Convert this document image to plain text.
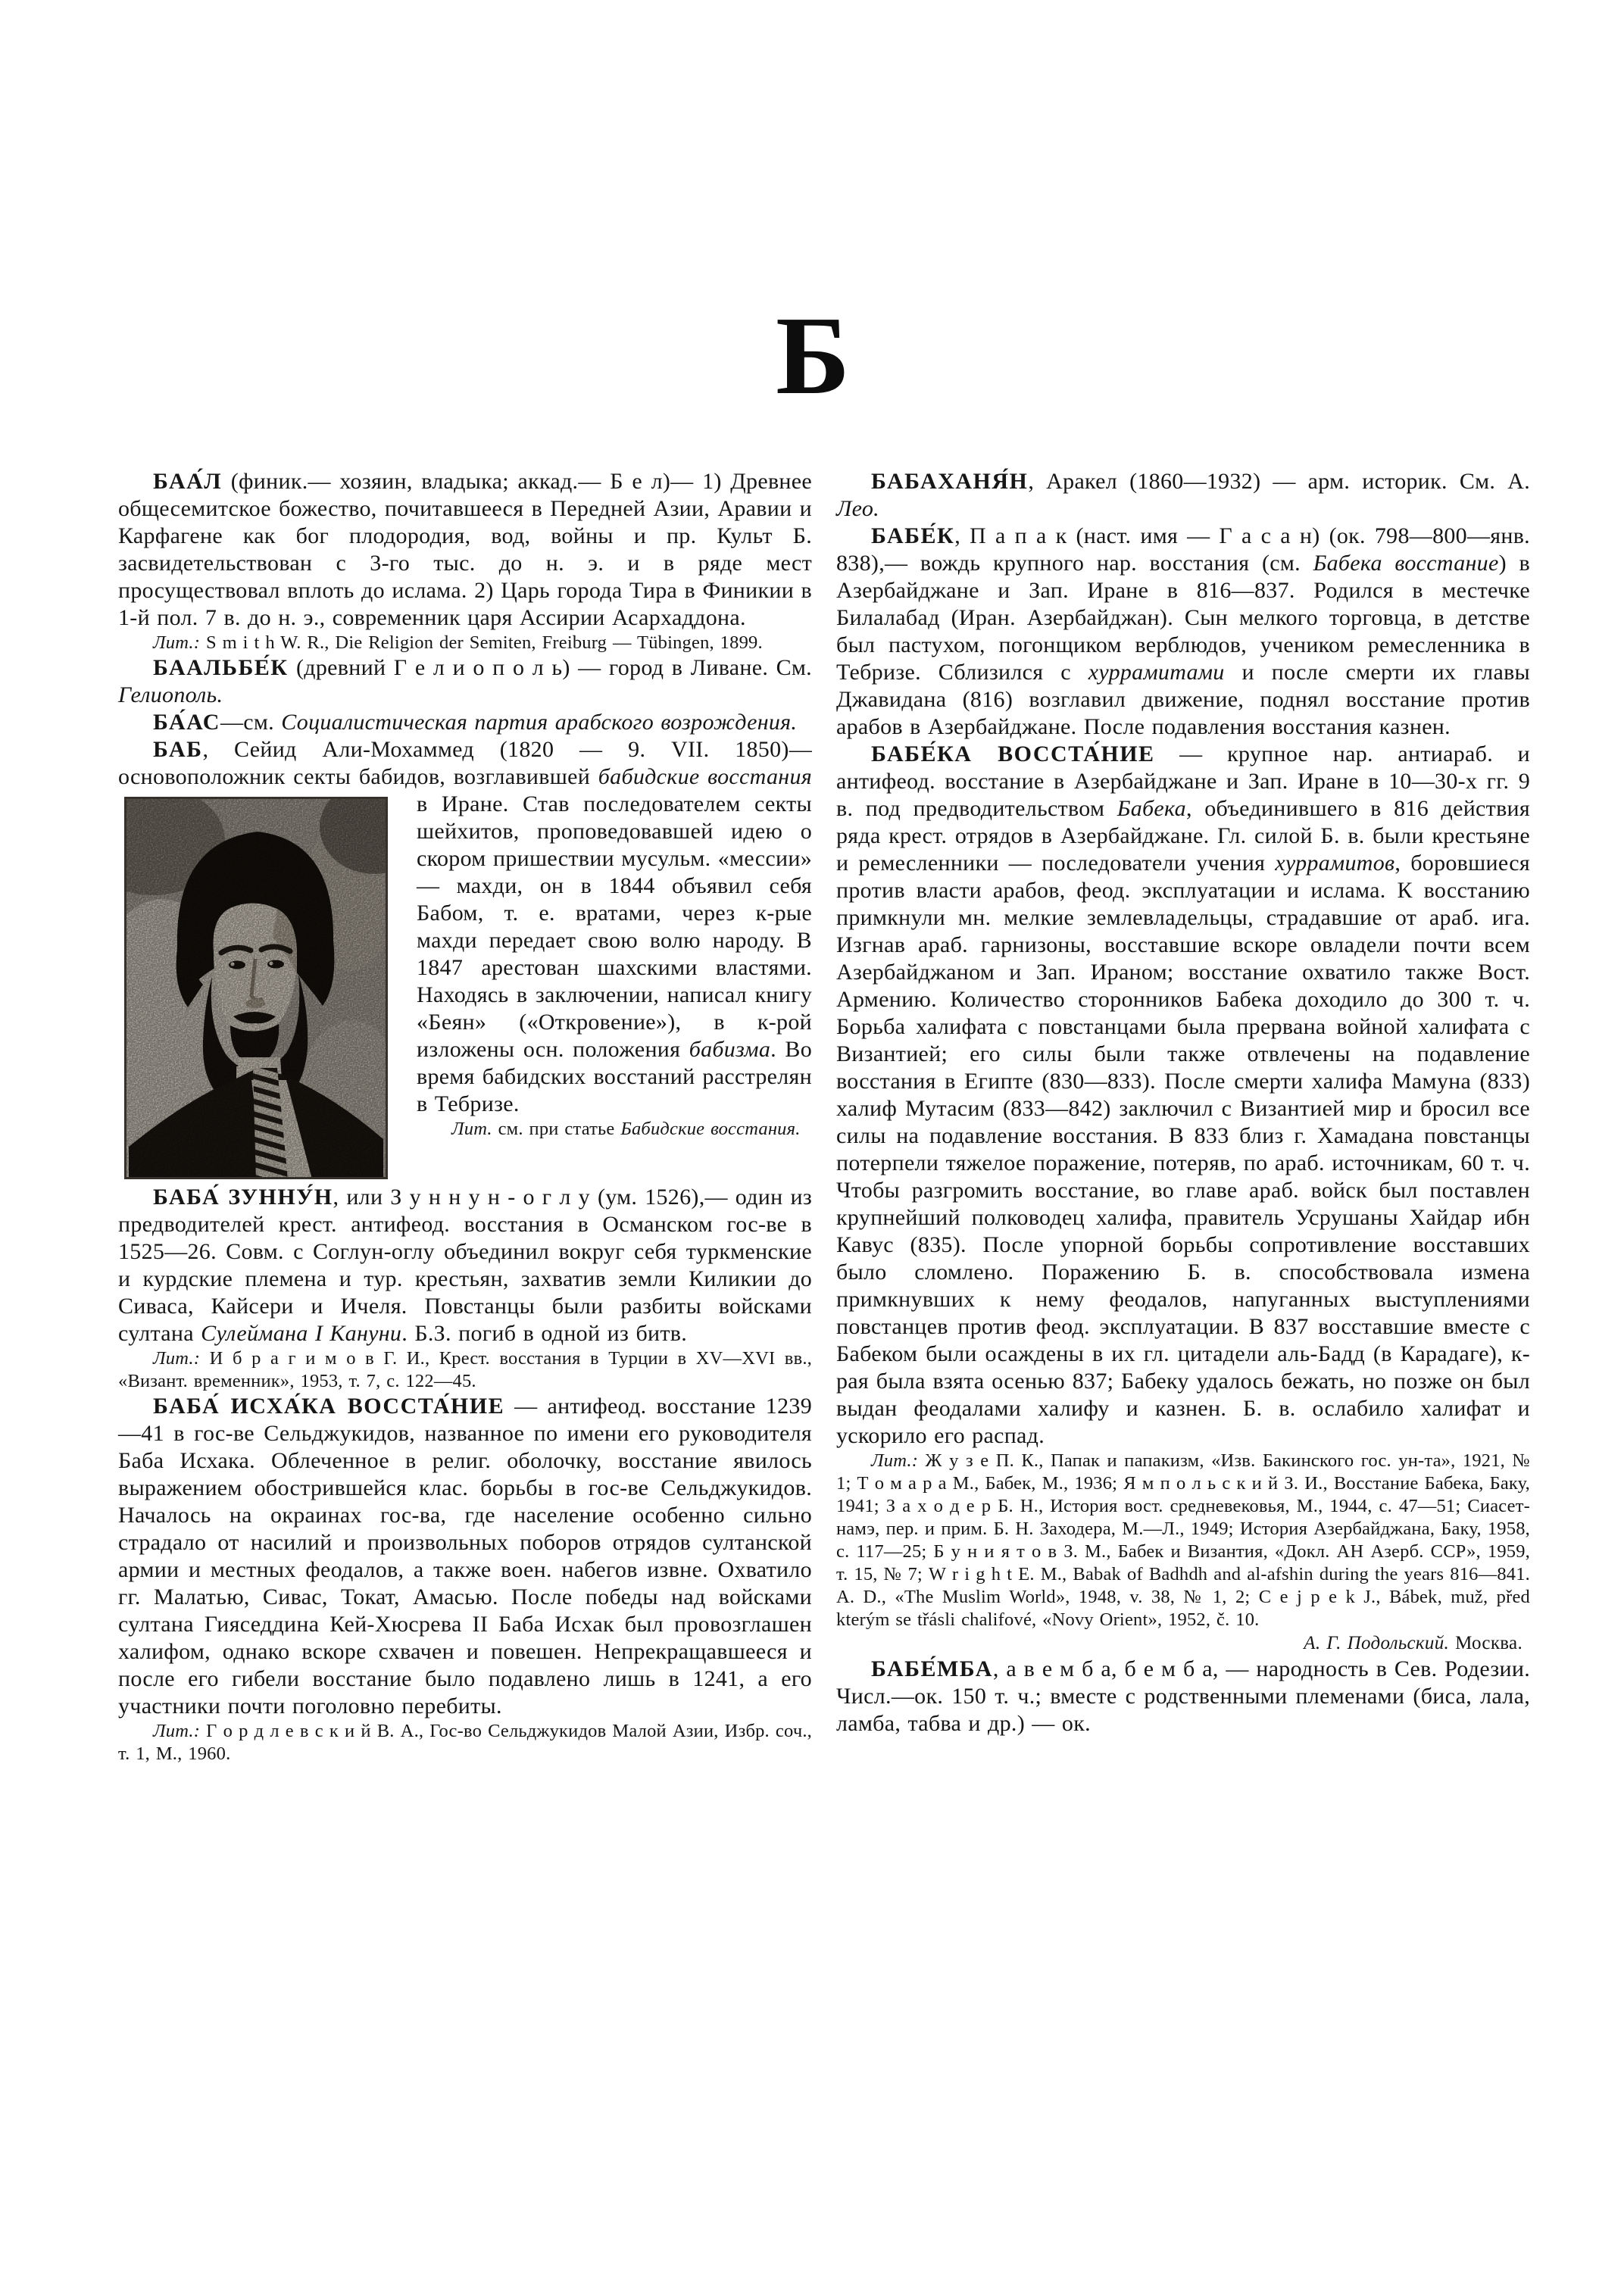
Б

БАА́Л (финик.— хозяин, владыка; аккад.— Б е л)— 1) Древнее общесемитское божество, почитавшееся в Передней Азии, Аравии и Карфагене как бог плодородия, вод, войны и пр. Культ Б. засвидетельствован с 3-го тыс. до н. э. и в ряде мест просуществовал вплоть до ислама. 2) Царь города Тира в Финикии в 1-й пол. 7 в. до н. э., современник царя Ассирии Асархаддона.

Лит.: S m i t h W. R., Die Religion der Semiten, Freiburg — Tübingen, 1899.

БААЛЬБЕ́К (древний Г е л и о п о л ь) — город в Ливане. См. Гелиополь.

БА́АС—см. Социалистическая партия арабского возрождения.

БАБ, Сейид Али-Мохаммед (1820 — 9. VII. 1850)— основоположник секты бабидов, возглавившей бабидские восстания в Иране.
Став последователем секты шейхитов, проповедовавшей идею о скором пришествии мусульм. «мессии» — махди, он в 1844 объявил себя Бабом, т. е. вратами, через к-рые махди передает свою волю народу. В 1847 арестован шахскими властями. Находясь в заключении, написал книгу «Беян» («Откровение»), в к-рой изложены осн. положения бабизма. Во время бабидских восстаний расстрелян в Тебризе.

Лит. см. при статье Бабидские восстания.

БАБА́ ЗУННУ́Н, или З у н н у н - о г л у (ум. 1526),— один из предводителей крест. антифеод. восстания в Османском гос-ве в 1525—26. Совм. с Соглун-оглу объединил вокруг себя туркменские и курдские племена и тур. крестьян, захватив земли Киликии до Сиваса, Кайсери и Ичеля. Повстанцы были разбиты войсками султана Сулеймана I Кануни. Б.З. погиб в одной из битв.

Лит.: И б р а г и м о в Г. И., Крест. восстания в Турции в XV—XVI вв., «Визант. временник», 1953, т. 7, с. 122—45.

БАБА́ ИСХА́КА ВОССТА́НИЕ — антифеод. восстание 1239—41 в гос-ве Сельджукидов, названное по имени его руководителя Баба Исхака. Облеченное в религ. оболочку, восстание явилось выражением обострившейся клас. борьбы в гос-ве Сельджукидов. Началось на окраинах гос-ва, где население особенно сильно страдало от насилий и произвольных поборов отрядов султанской армии и местных феодалов, а также воен. набегов извне. Охватило гг. Малатью, Сивас, Токат, Амасью. После победы над войсками султана Гияседдина Кей-Хюсрева II Баба Исхак был провозглашен халифом, однако вскоре схвачен и повешен. Непрекращавшееся и после его гибели восстание было подавлено лишь в 1241, а его участники почти поголовно перебиты.

Лит.: Г о р д л е в с к и й В. А., Гос-во Сельджукидов Малой Азии, Избр. соч., т. 1, М., 1960.

БАБАХАНЯ́Н, Аракел (1860—1932) — арм. историк. См. А. Лео.

БАБЕ́К, П а п а к (наст. имя — Г а с а н) (ок. 798—800—янв. 838),— вождь крупного нар. восстания (см. Бабека восстание) в Азербайджане и Зап. Иране в 816—837. Родился в местечке Билалабад (Иран. Азербайджан). Сын мелкого торговца, в детстве был пастухом, погонщиком верблюдов, учеником ремесленника в Тебризе. Сблизился с хуррамитами и после смерти их главы Джавидана (816) возглавил движение, поднял восстание против арабов в Азербайджане. После подавления восстания казнен.

БАБЕ́КА ВОССТА́НИЕ — крупное нар. антиараб. и антифеод. восстание в Азербайджане и Зап. Иране в 10—30-х гг. 9 в. под предводительством Бабека, объединившего в 816 действия ряда крест. отрядов в Азербайджане. Гл. силой Б. в. были крестьяне и ремесленники — последователи учения хуррамитов, боровшиеся против власти арабов, феод. эксплуатации и ислама. К восстанию примкнули мн. мелкие землевладельцы, страдавшие от араб. ига. Изгнав араб. гарнизоны, восставшие вскоре овладели почти всем Азербайджаном и Зап. Ираном; восстание охватило также Вост. Армению. Количество сторонников Бабека доходило до 300 т. ч. Борьба халифата с повстанцами была прервана войной халифата с Византией; его силы были также отвлечены на подавление восстания в Египте (830—833). После смерти халифа Мамуна (833) халиф Мутасим (833—842) заключил с Византией мир и бросил все силы на подавление восстания. В 833 близ г. Хамадана повстанцы потерпели тяжелое поражение, потеряв, по араб. источникам, 60 т. ч. Чтобы разгромить восстание, во главе араб. войск был поставлен крупнейший полководец халифа, правитель Усрушаны Хайдар ибн Кавус (835). После упорной борьбы сопротивление восставших было сломлено. Поражению Б. в. способствовала измена примкнувших к нему феодалов, напуганных выступлениями повстанцев против феод. эксплуатации. В 837 восставшие вместе с Бабеком были осаждены в их гл. цитадели аль-Бадд (в Карадаге), к-рая была взята осенью 837; Бабеку удалось бежать, но позже он был выдан феодалами халифу и казнен. Б. в. ослабило халифат и ускорило его распад.

Лит.: Ж у з е П. К., Папак и папакизм, «Изв. Бакинского гос. ун-та», 1921, № 1; Т о м а р а М., Бабек, М., 1936; Я м п о л ь с к и й З. И., Восстание Бабека, Баку, 1941; З а х о д е р Б. Н., История вост. средневековья, М., 1944, с. 47—51; Сиасет-намэ, пер. и прим. Б. Н. Заходера, М.—Л., 1949; История Азербайджана, Баку, 1958, с. 117—25; Б у н и я т о в З. М., Бабек и Византия, «Докл. АН Азерб. ССР», 1959, т. 15, № 7; W r i g h t E. M., Babak of Badhdh and al-afshin during the years 816—841. A. D., «The Muslim World», 1948, v. 38, № 1, 2; C e j p e k J., Bábek, muž, před kterým se třásli chalifové, «Novy Orient», 1952, č. 10.

А. Г. Подольский. Москва.

БАБЕ́МБА, а в е м б а, б е м б а, — народность в Сев. Родезии. Числ.—ок. 150 т. ч.; вместе с родственными племенами (биса, лала, ламба, табва и др.) — ок.
